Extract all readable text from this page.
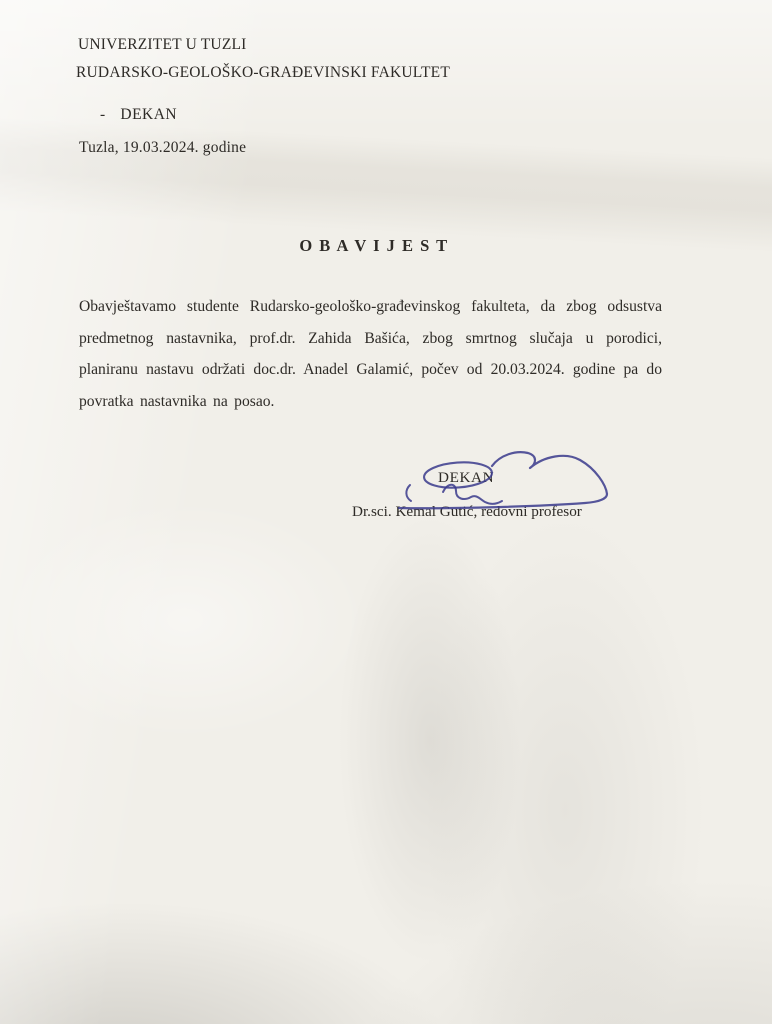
UNIVERZITET U TUZLI
RUDARSKO-GEOLOŠKO-GRAĐEVINSKI FAKULTET
- DEKAN
Tuzla, 19.03.2024. godine
O B A V I J E S T
Obavještavamo studente Rudarsko-geološko-građevinskog fakulteta, da zbog odsustva predmetnog nastavnika, prof.dr. Zahida Bašića, zbog smrtnog slučaja u porodici, planiranu nastavu održati doc.dr. Anadel Galamić, počev od 20.03.2024. godine pa do povratka nastavnika na posao.
DEKAN
Dr.sci. Kemal Gutić, redovni profesor
